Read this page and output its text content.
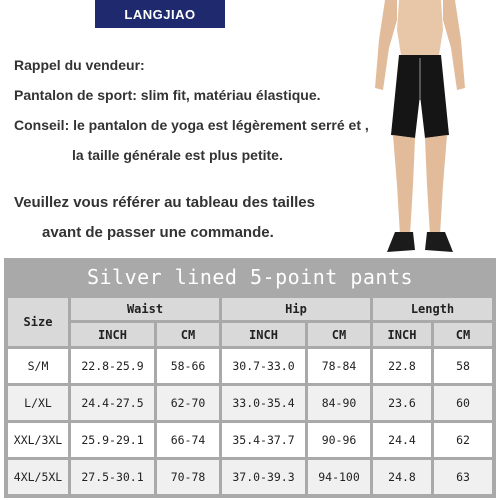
LANGJIAO
Rappel du vendeur:
Pantalon de sport: slim fit, matériau élastique.
Conseil: le pantalon de yoga est légèrement serré et ,
la taille générale est plus petite.
Veuillez vous référer au tableau des tailles
avant de passer une commande.
Silver lined 5-point pants
Size
Waist	Hip	Length
INCH	CM	INCH	CM	INCH	CM
S/M	22.8-25.9	58-66	30.7-33.0	78-84	22.8	58
L/XL	24.4-27.5	62-70	33.0-35.4	84-90	23.6	60
XXL/3XL	25.9-29.1	66-74	35.4-37.7	90-96	24.4	62
4XL/5XL	27.5-30.1	70-78	37.0-39.3	94-100	24.8	63
